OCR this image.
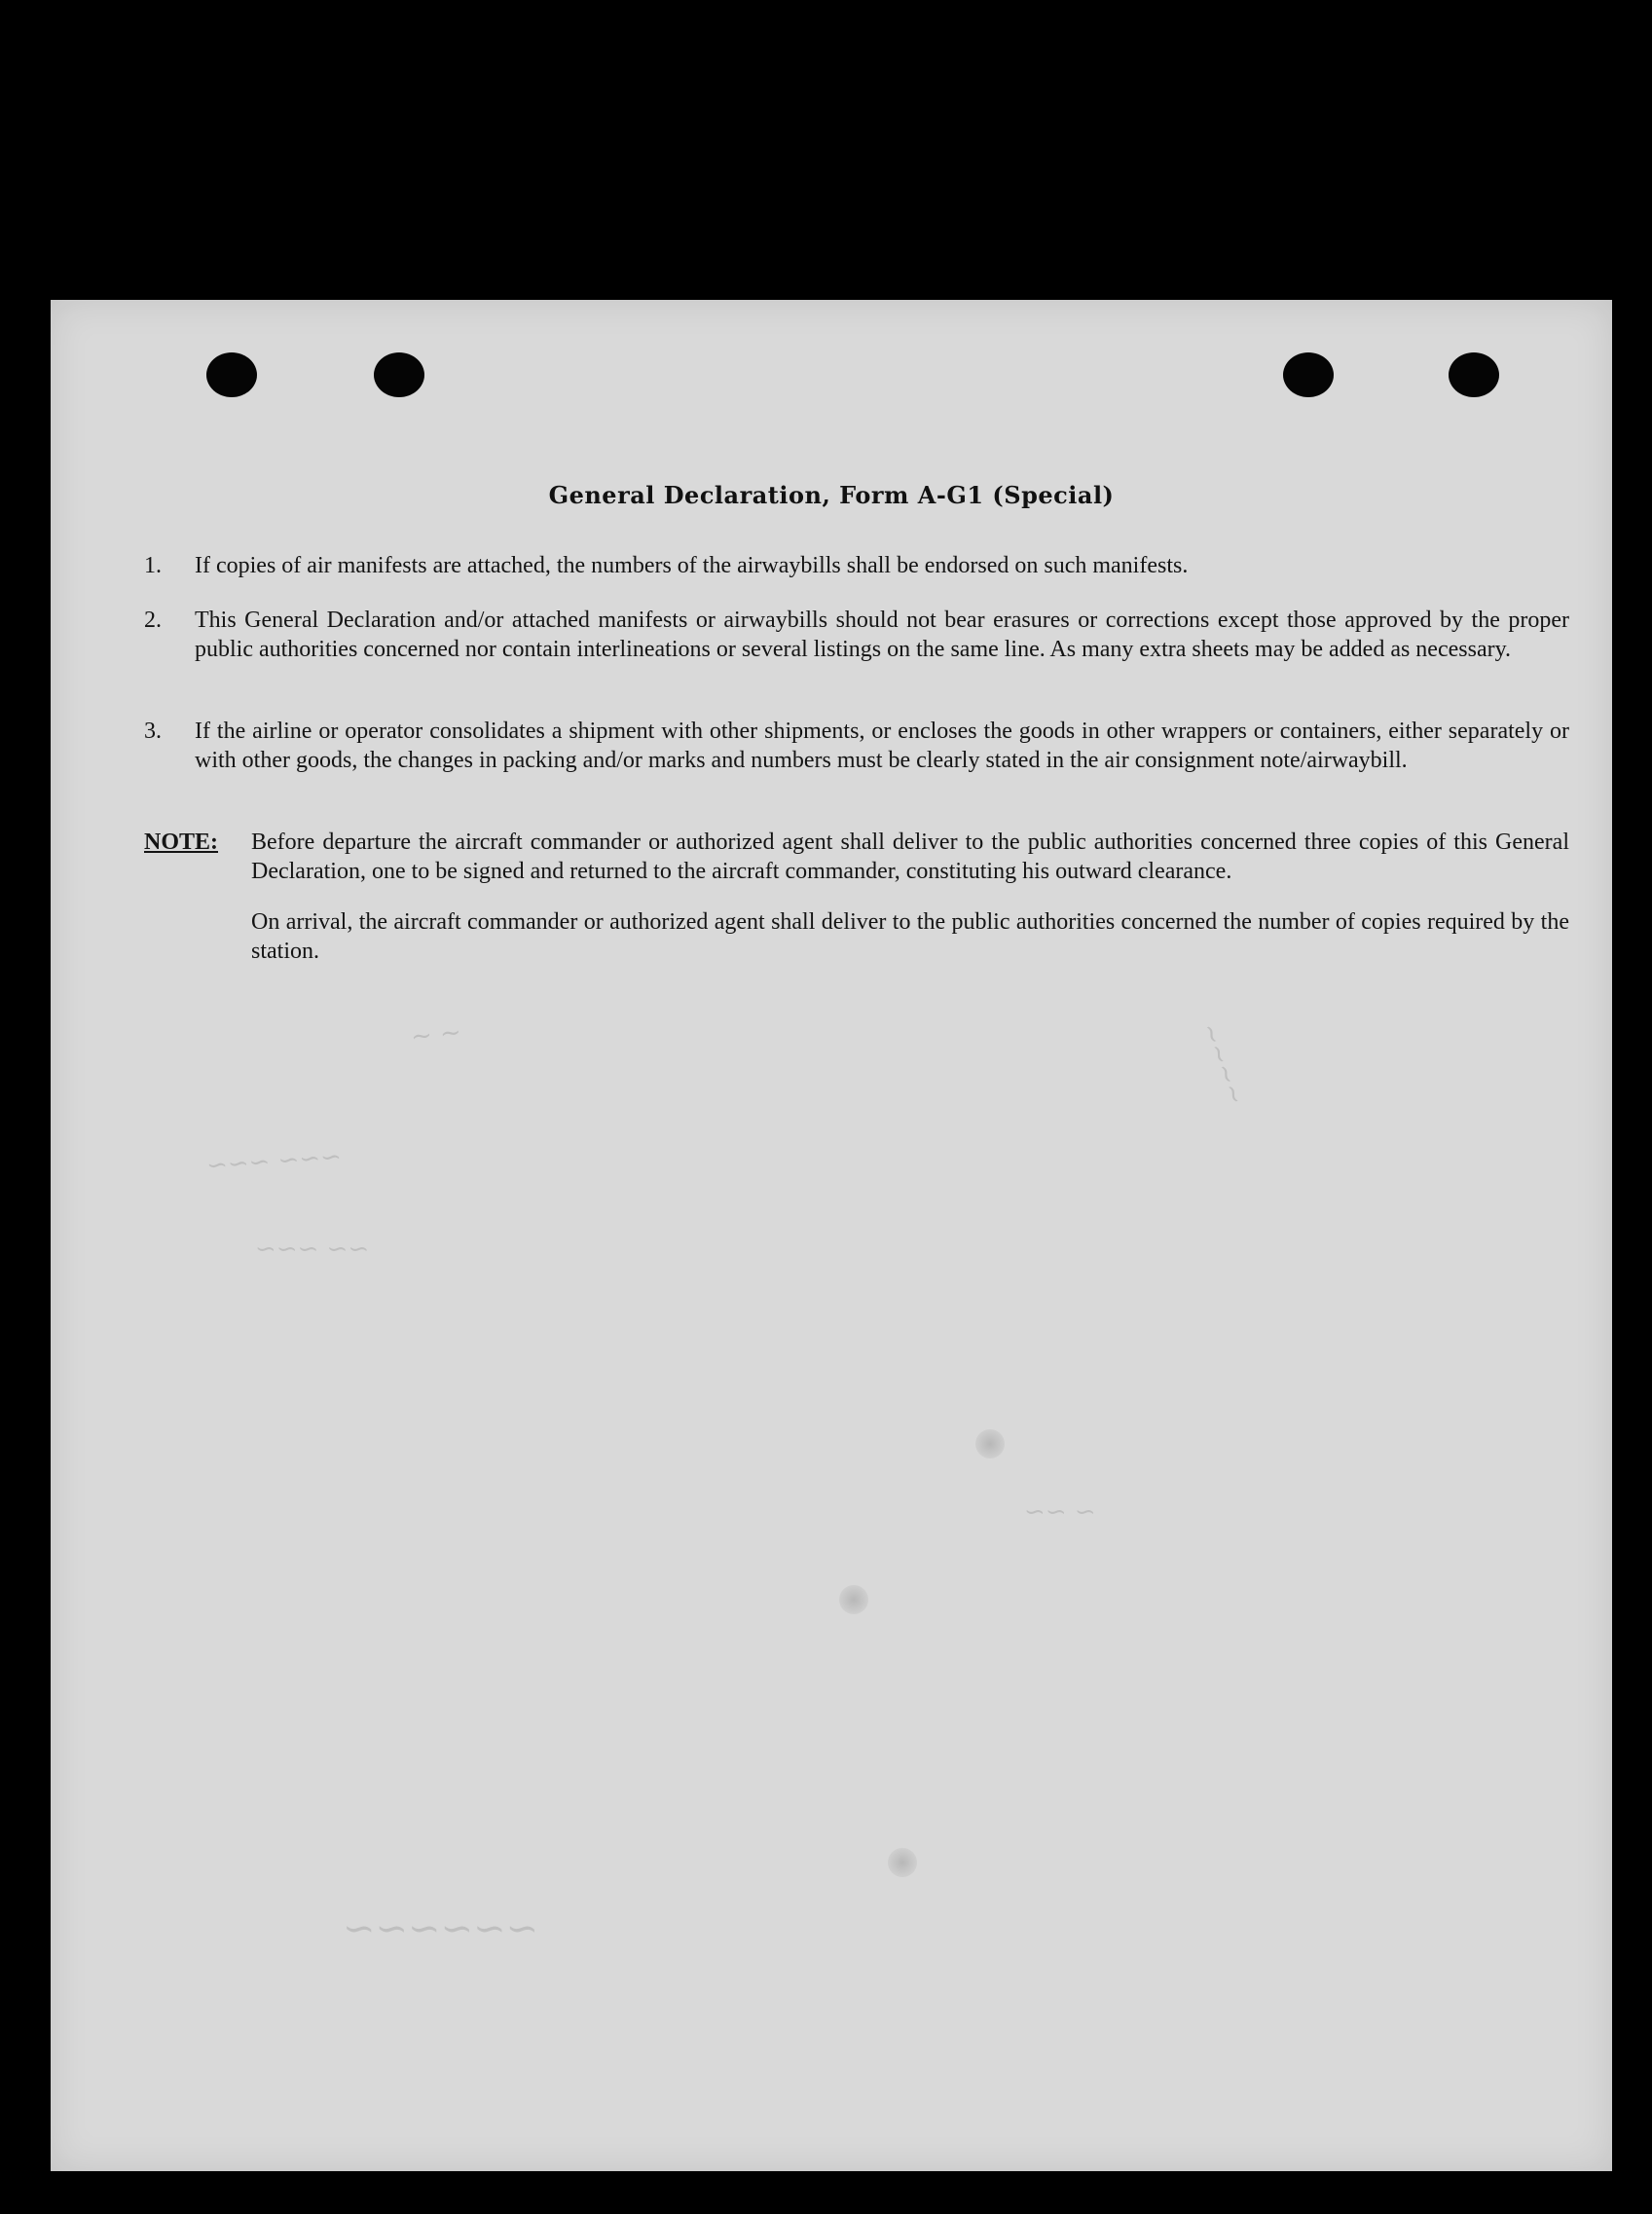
General Declaration, Form A-G1 (Special)
1.	If copies of air manifests are attached, the numbers of the airwaybills shall be endorsed on such manifests.
2.	This General Declaration and/or attached manifests or airwaybills should not bear erasures or corrections except those approved by the proper public authorities concerned nor contain interlineations or several listings on the same line. As many extra sheets may be added as necessary.
3.	If the airline or operator consolidates a shipment with other shipments, or encloses the goods in other wrappers or containers, either separately or with other goods, the changes in packing and/or marks and numbers must be clearly stated in the air consignment note/airwaybill.
NOTE: Before departure the aircraft commander or authorized agent shall deliver to the public authorities concerned three copies of this General Declaration, one to be signed and returned to the aircraft commander, constituting his outward clearance.
On arrival, the aircraft commander or authorized agent shall deliver to the public authorities concerned the number of copies required by the station.
~ ~
~~~ ~~~
~~ ~~~
~~~~
~ ~~
~~~~~~
